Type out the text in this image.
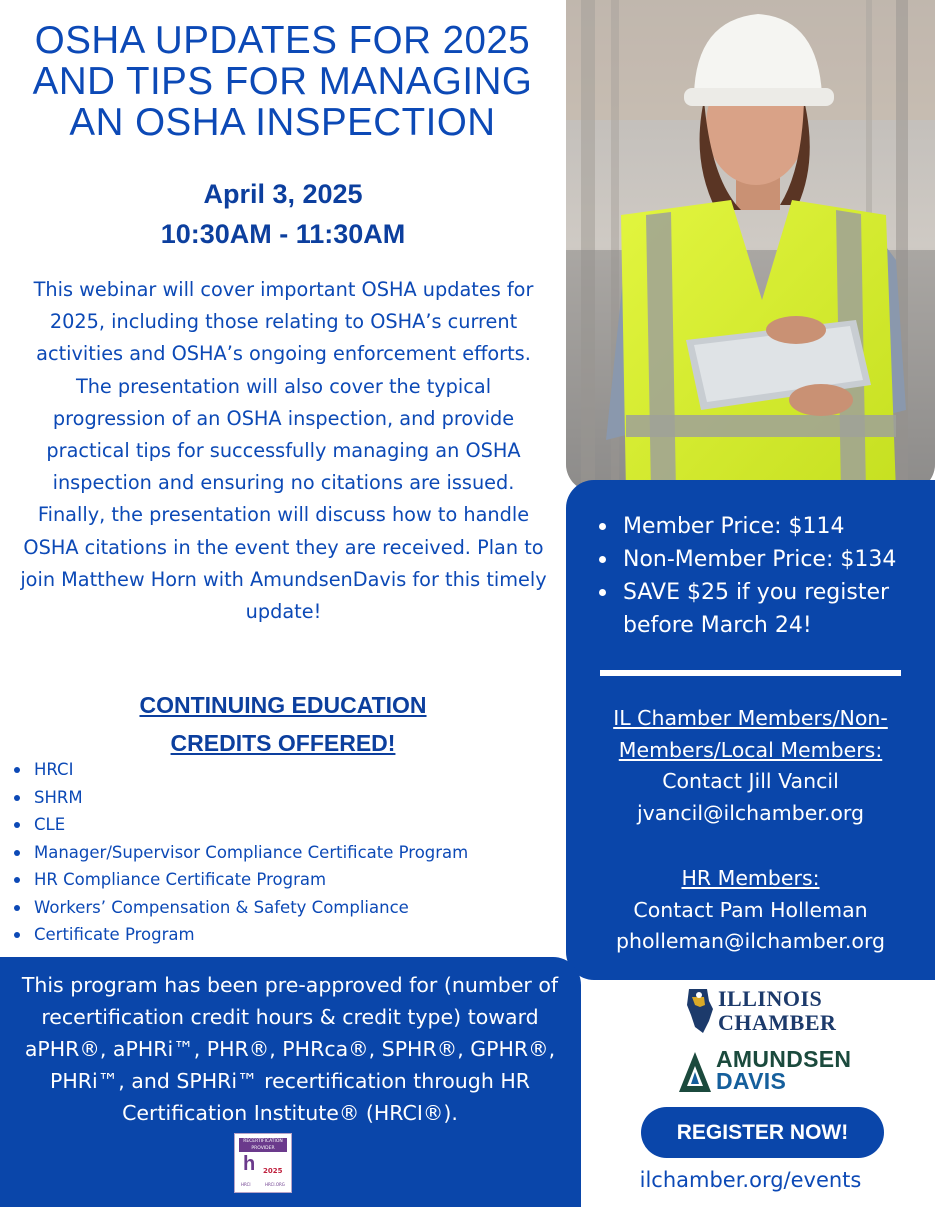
OSHA UPDATES FOR 2025
AND TIPS FOR MANAGING
AN OSHA INSPECTION
April 3, 2025
10:30AM - 11:30AM

This webinar will cover important OSHA updates for 2025, including those relating to OSHA’s current activities and OSHA’s ongoing enforcement efforts. The presentation will also cover the typical progression of an OSHA inspection, and provide practical tips for successfully managing an OSHA inspection and ensuring no citations are issued. Finally, the presentation will discuss how to handle OSHA citations in the event they are received. Plan to join Matthew Horn with AmundsenDavis for this timely update!

CONTINUING EDUCATION
CREDITS OFFERED!
HRCI
SHRM
CLE
Manager/Supervisor Compliance Certificate Program
HR Compliance Certificate Program
Workers’ Compensation & Safety Compliance
Certificate Program
Member Price: $114
Non-Member Price: $134
SAVE $25 if you register before March 24!
IL Chamber Members/Non-
Members/Local Members:
Contact Jill Vancil
jvancil@ilchamber.org
HR Members:
Contact Pam Holleman
pholleman@ilchamber.org

This program has been pre-approved for (number of recertification credit hours & credit type) toward aPHR®, aPHRi™, PHR®, PHRca®, SPHR®, GPHR®, PHRi™, and SPHRi™ recertification through HR Certification Institute® (HRCI®).

RECERTIFICATION PROVIDER
h 2025
HRCI	HRCI.ORG
ILLINOIS
CHAMBER
AMUNDSEN
DAVIS
REGISTER NOW!
ilchamber.org/events
